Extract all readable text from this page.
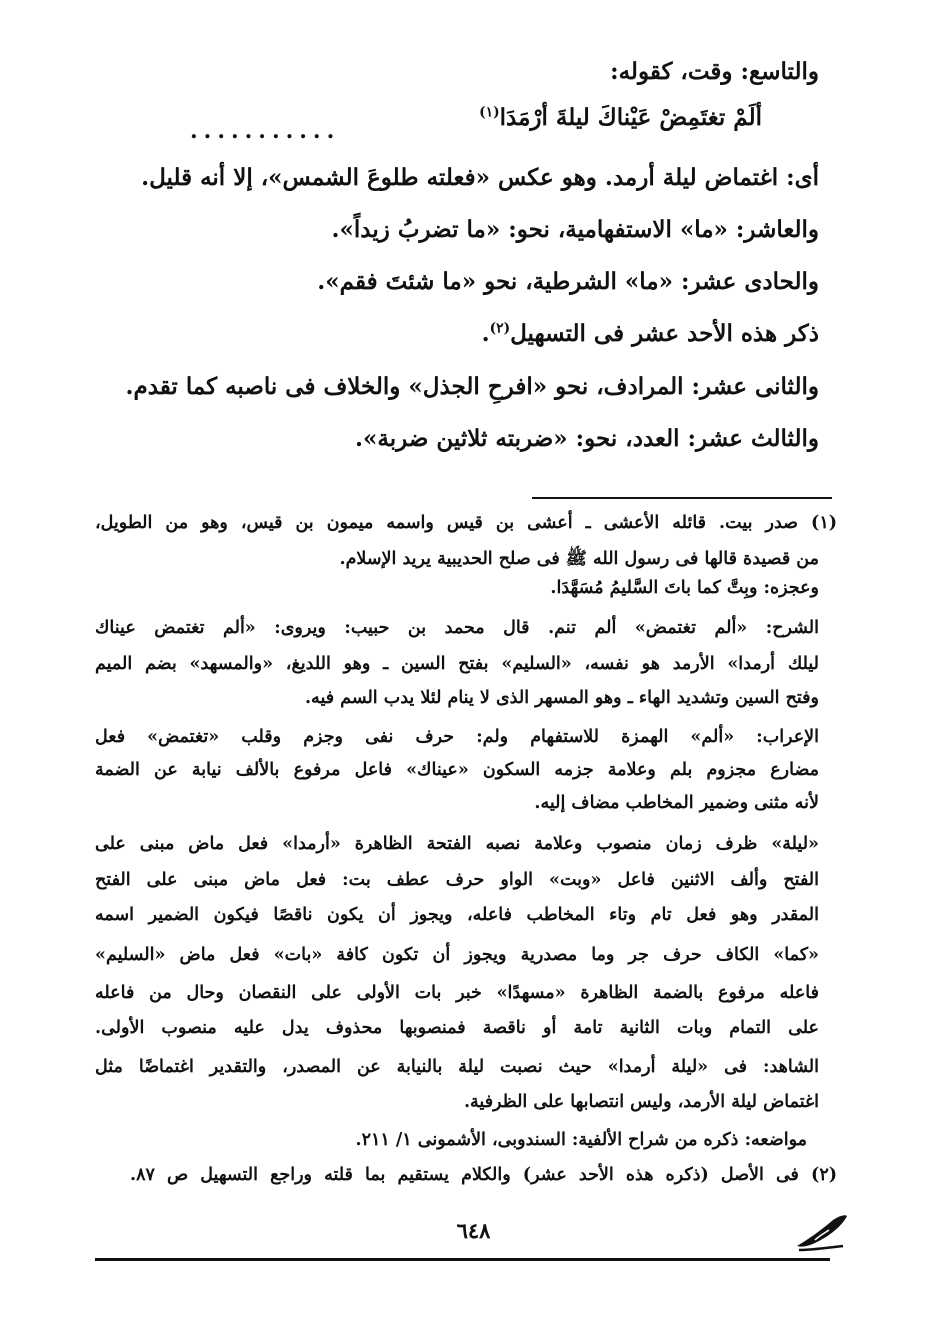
والتاسع: وقت، كقوله:
ألَمْ تغتَمِضْ عَيْناكَ ليلةَ أرْمَدَا$^{(١)}$
...........
أى: اغتماض ليلة أرمد. وهو عكس «فعلته طلوعَ الشمس»، إلا أنه قليل.
والعاشر: «ما» الاستفهامية، نحو: «ما تضربُ زيداً».
والحادى عشر: «ما» الشرطية، نحو «ما شئتَ فقم».
ذكر هذه الأحد عشر فى التسهيل$^{(٢)}$.
والثانى عشر: المرادف، نحو «افرحِ الجذل» والخلاف فى ناصبه كما تقدم.
والثالث عشر: العدد، نحو: «ضربته ثلاثين ضربة».
(١) صدر بيت. قائله الأعشى ـ أعشى بن قيس واسمه ميمون بن قيس، وهو من الطويل،
من قصيدة قالها فى رسول الله ﷺ فى صلح الحديبية يريد الإسلام.
وعجزه: وبِتَّ كما باتَ السَّليمُ مُسَهَّدَا.
الشرح: «ألم تغتمض» ألم تنم. قال محمد بن حبيب: ويروى: «ألم تغتمض عيناك
ليلك أرمدا» الأرمد هو نفسه، «السليم» بفتح السين ـ وهو اللديغ، «والمسهد» بضم الميم
وفتح السين وتشديد الهاء ـ وهو المسهر الذى لا ينام لئلا يدب السم فيه.
الإعراب: «ألم» الهمزة للاستفهام ولم: حرف نفى وجزم وقلب «تغتمض» فعل
مضارع مجزوم بلم وعلامة جزمه السكون «عيناك» فاعل مرفوع بالألف نيابة عن الضمة
لأنه مثنى وضمير المخاطب مضاف إليه.
«ليلة» ظرف زمان منصوب وعلامة نصبه الفتحة الظاهرة «أرمدا» فعل ماض مبنى على
الفتح وألف الاثنين فاعل «وبت» الواو حرف عطف بت: فعل ماض مبنى على الفتح
المقدر وهو فعل تام وتاء المخاطب فاعله، ويجوز أن يكون ناقصًا فيكون الضمير اسمه
«كما» الكاف حرف جر وما مصدرية ويجوز أن تكون كافة «بات» فعل ماض «السليم»
فاعله مرفوع بالضمة الظاهرة «مسهدًا» خبر بات الأولى على النقصان وحال من فاعله
على التمام وبات الثانية تامة أو ناقصة فمنصوبها محذوف يدل عليه منصوب الأولى.
الشاهد: فى «ليلة أرمدا» حيث نصبت ليلة بالنيابة عن المصدر، والتقدير اغتماضًا مثل
اغتماض ليلة الأرمد، وليس انتصابها على الظرفية.
مواضعه: ذكره من شراح الألفية: السندوبى، الأشمونى ١/ ٢١١.
(٢) فى الأصل (ذكره هذه الأحد عشر) والكلام يستقيم بما قلته وراجع التسهيل ص ٨٧.
٦٤٨
